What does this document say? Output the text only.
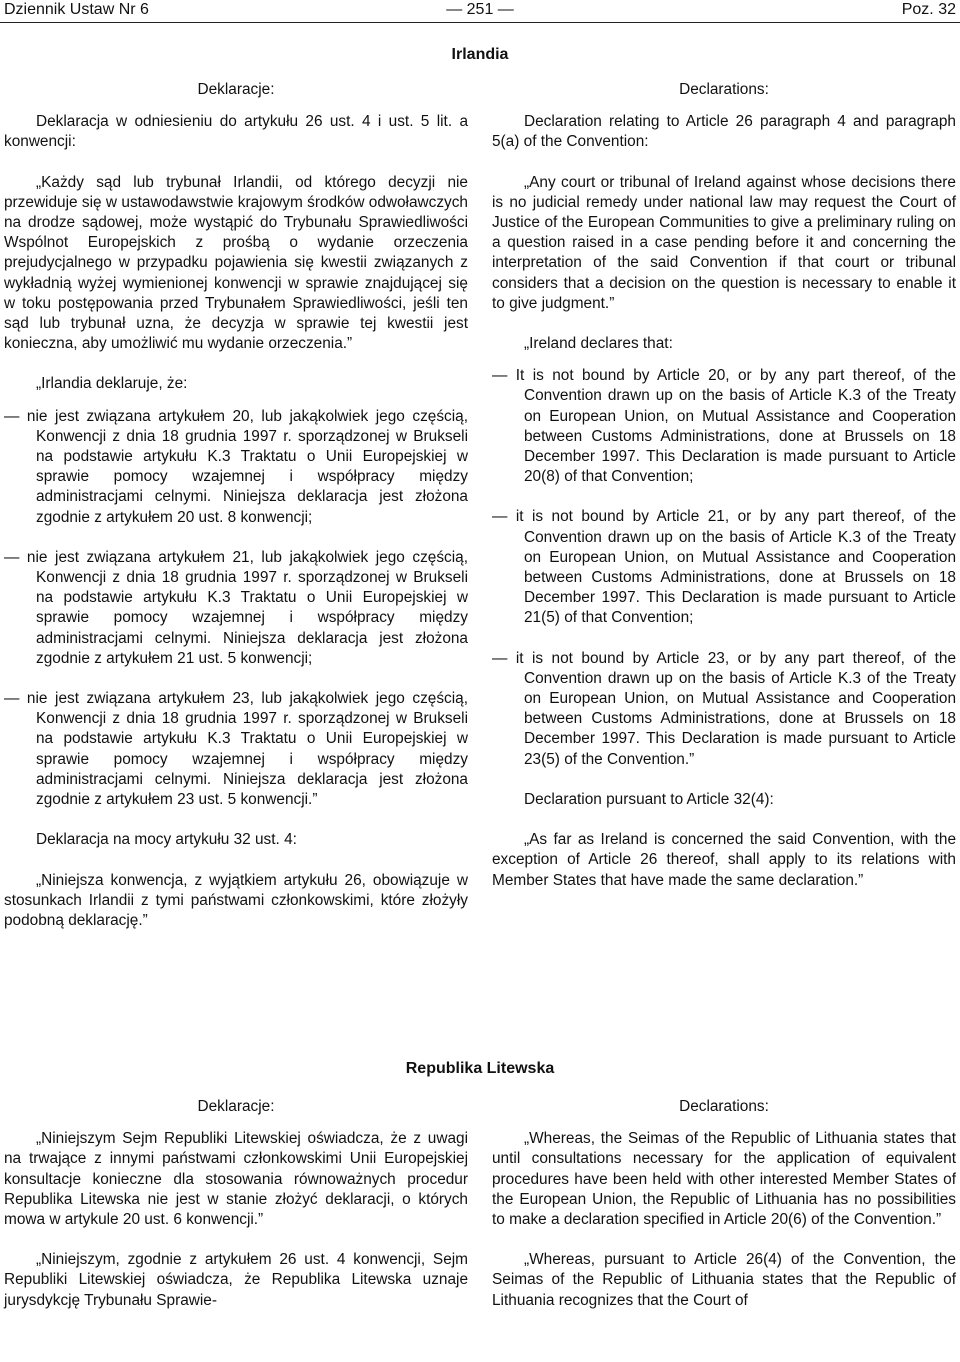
Dziennik Ustaw Nr 6	— 251 —	Poz. 32
Irlandia

Deklaracje:

Deklaracja w odniesieniu do artykułu 26 ust. 4 i ust. 5 lit. a konwencji:

„Każdy sąd lub trybunał Irlandii, od którego decyzji nie przewiduje się w ustawodawstwie krajowym środków odwoławczych na drodze sądowej, może wystąpić do Trybunału Sprawiedliwości Wspólnot Europejskich z prośbą o wydanie orzeczenia prejudycjalnego w przypadku pojawienia się kwestii związanych z wykładnią wyżej wymienionej konwencji w sprawie znajdującej się w toku postępowania przed Trybunałem Sprawiedliwości, jeśli ten sąd lub trybunał uzna, że decyzja w sprawie tej kwestii jest konieczna, aby umożliwić mu wydanie orzeczenia.”

„Irlandia deklaruje, że:

— nie jest związana artykułem 20, lub jakąkolwiek jego częścią, Konwencji z dnia 18 grudnia 1997 r. sporządzonej w Brukseli na podstawie artykułu K.3 Traktatu o Unii Europejskiej w sprawie pomocy wzajemnej i współpracy między administracjami celnymi. Niniejsza deklaracja jest złożona zgodnie z artykułem 20 ust. 8 konwencji;

— nie jest związana artykułem 21, lub jakąkolwiek jego częścią, Konwencji z dnia 18 grudnia 1997 r. sporządzonej w Brukseli na podstawie artykułu K.3 Traktatu o Unii Europejskiej w sprawie pomocy wzajemnej i współpracy między administracjami celnymi. Niniejsza deklaracja jest złożona zgodnie z artykułem 21 ust. 5 konwencji;

— nie jest związana artykułem 23, lub jakąkolwiek jego częścią, Konwencji z dnia 18 grudnia 1997 r. sporządzonej w Brukseli na podstawie artykułu K.3 Traktatu o Unii Europejskiej w sprawie pomocy wzajemnej i współpracy między administracjami celnymi. Niniejsza deklaracja jest złożona zgodnie z artykułem 23 ust. 5 konwencji.”

Deklaracja na mocy artykułu 32 ust. 4:

„Niniejsza konwencja, z wyjątkiem artykułu 26, obowiązuje w stosunkach Irlandii z tymi państwami członkowskimi, które złożyły podobną deklarację.”

Declarations:

Declaration relating to Article 26 paragraph 4 and paragraph 5(a) of the Convention:

„Any court or tribunal of Ireland against whose decisions there is no judicial remedy under national law may request the Court of Justice of the European Communities to give a preliminary ruling on a question raised in a case pending before it and concerning the interpretation of the said Convention if that court or tribunal considers that a decision on the question is necessary to enable it to give judgment.”

„Ireland declares that:

— It is not bound by Article 20, or by any part thereof, of the Convention drawn up on the basis of Article K.3 of the Treaty on European Union, on Mutual Assistance and Cooperation between Customs Administrations, done at Brussels on 18 December 1997. This Declaration is made pursuant to Article 20(8) of that Convention;

— it is not bound by Article 21, or by any part thereof, of the Convention drawn up on the basis of Article K.3 of the Treaty on European Union, on Mutual Assistance and Cooperation between Customs Administrations, done at Brussels on 18 December 1997. This Declaration is made pursuant to Article 21(5) of that Convention;

— it is not bound by Article 23, or by any part thereof, of the Convention drawn up on the basis of Article K.3 of the Treaty on European Union, on Mutual Assistance and Cooperation between Customs Administrations, done at Brussels on 18 December 1997. This Declaration is made pursuant to Article 23(5) of the Convention.”

Declaration pursuant to Article 32(4):

„As far as Ireland is concerned the said Convention, with the exception of Article 26 thereof, shall apply to its relations with Member States that have made the same declaration.”

Republika Litewska

Deklaracje:

„Niniejszym Sejm Republiki Litewskiej oświadcza, że z uwagi na trwające z innymi państwami członkowskimi Unii Europejskiej konsultacje konieczne dla stosowania równoważnych procedur Republika Litewska nie jest w stanie złożyć deklaracji, o których mowa w artykule 20 ust. 6 konwencji.”

„Niniejszym, zgodnie z artykułem 26 ust. 4 konwencji, Sejm Republiki Litewskiej oświadcza, że Republika Litewska uznaje jurysdykcję Trybunału Sprawie-

Declarations:

„Whereas, the Seimas of the Republic of Lithuania states that until consultations necessary for the application of equivalent procedures have been held with other interested Member States of the European Union, the Republic of Lithuania has no possibilities to make a declaration specified in Article 20(6) of the Convention.”

„Whereas, pursuant to Article 26(4) of the Convention, the Seimas of the Republic of Lithuania states that the Republic of Lithuania recognizes that the Court of
